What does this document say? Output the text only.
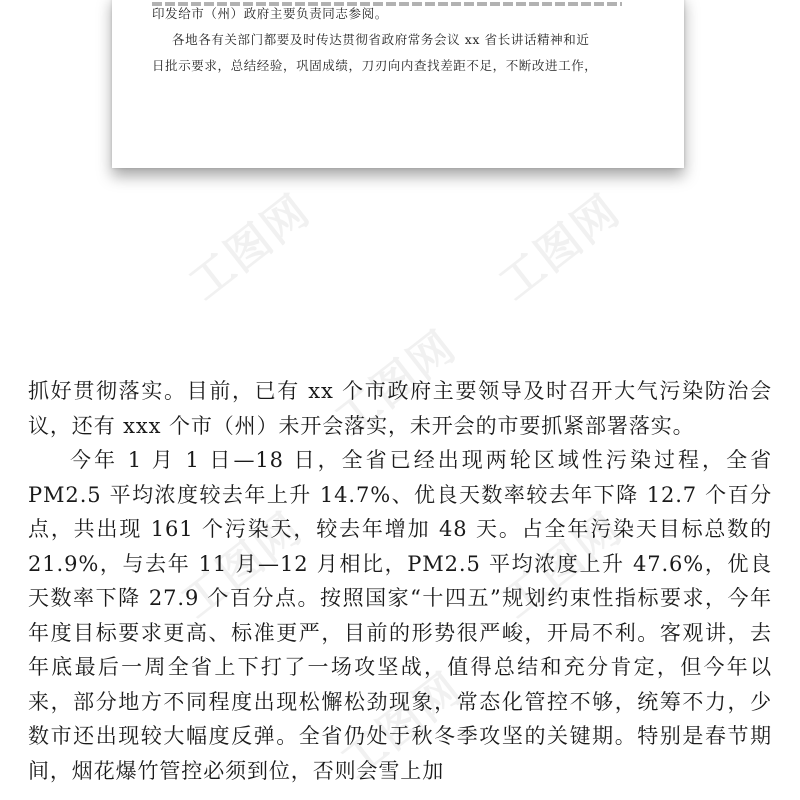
印发给市（州）政府主要负责同志参阅。
各地各有关部门都要及时传达贯彻省政府常务会议 xx 省长讲话精神和近
日批示要求，总结经验，巩固成绩，刀刃向内查找差距不足，不断改进工作，
工图网	工图网
工图网
工图网	工图网
工图网

抓好贯彻落实。目前，已有 xx 个市政府主要领导及时召开大气污染防治会议，还有 xxx 个市（州）未开会落实，未开会的市要抓紧部署落实。

今年 1 月 1 日—18 日，全省已经出现两轮区域性污染过程，全省 PM2.5 平均浓度较去年上升 14.7%、优良天数率较去年下降 12.7 个百分点，共出现 161 个污染天，较去年增加 48 天。占全年污染天目标总数的 21.9%，与去年 11 月—12 月相比，PM2.5 平均浓度上升 47.6%，优良天数率下降 27.9 个百分点。按照国家“十四五”规划约束性指标要求，今年年度目标要求更高、标准更严，目前的形势很严峻，开局不利。客观讲，去年底最后一周全省上下打了一场攻坚战，值得总结和充分肯定，但今年以来，部分地方不同程度出现松懈松劲现象，常态化管控不够，统筹不力，少数市还出现较大幅度反弹。全省仍处于秋冬季攻坚的关键期。特别是春节期间，烟花爆竹管控必须到位，否则会雪上加
